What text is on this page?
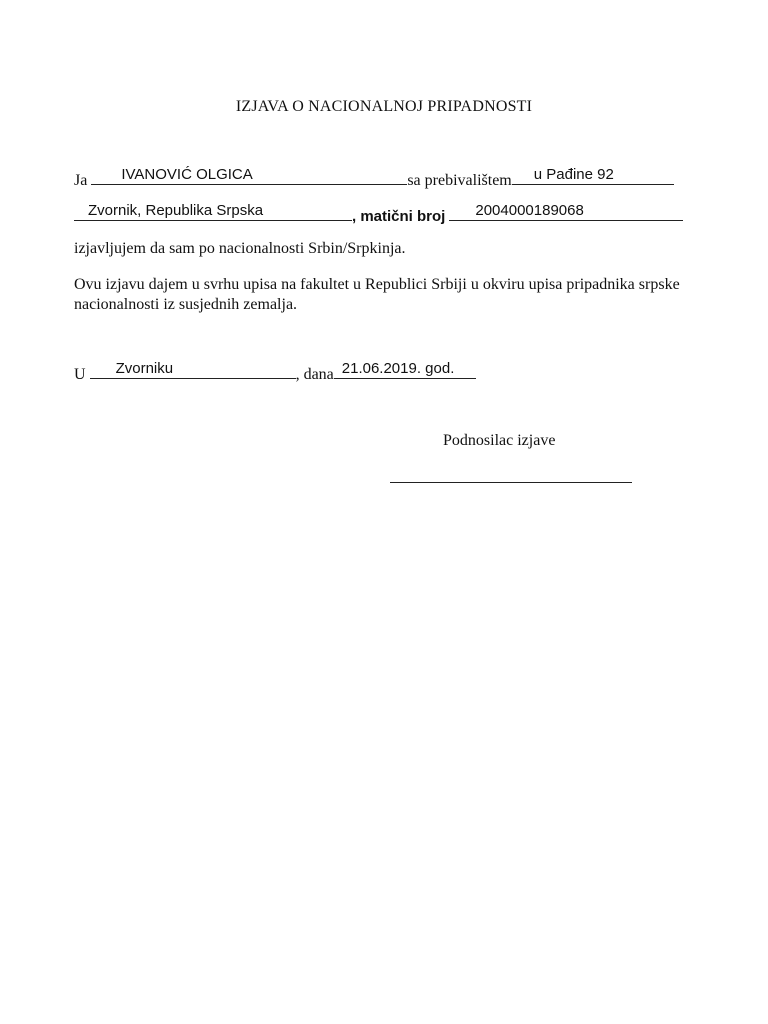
IZJAVA O NACIONALNOJ PRIPADNOSTI
Ja IVANOVIĆ OLGICA	sa prebivalištem u Pađine 92
Zvornik, Republika Srpska	, matični broj 2004000189068
izjavljujem da sam po nacionalnosti Srbin/Srpkinja.
Ovu izjavu dajem u svrhu upisa na fakultet u Republici Srbiji u okviru upisa pripadnika srpske nacionalnosti iz susjednih zemalja.
U Zvorniku	, dana 21.06.2019. god.
Podnosilac izjave
